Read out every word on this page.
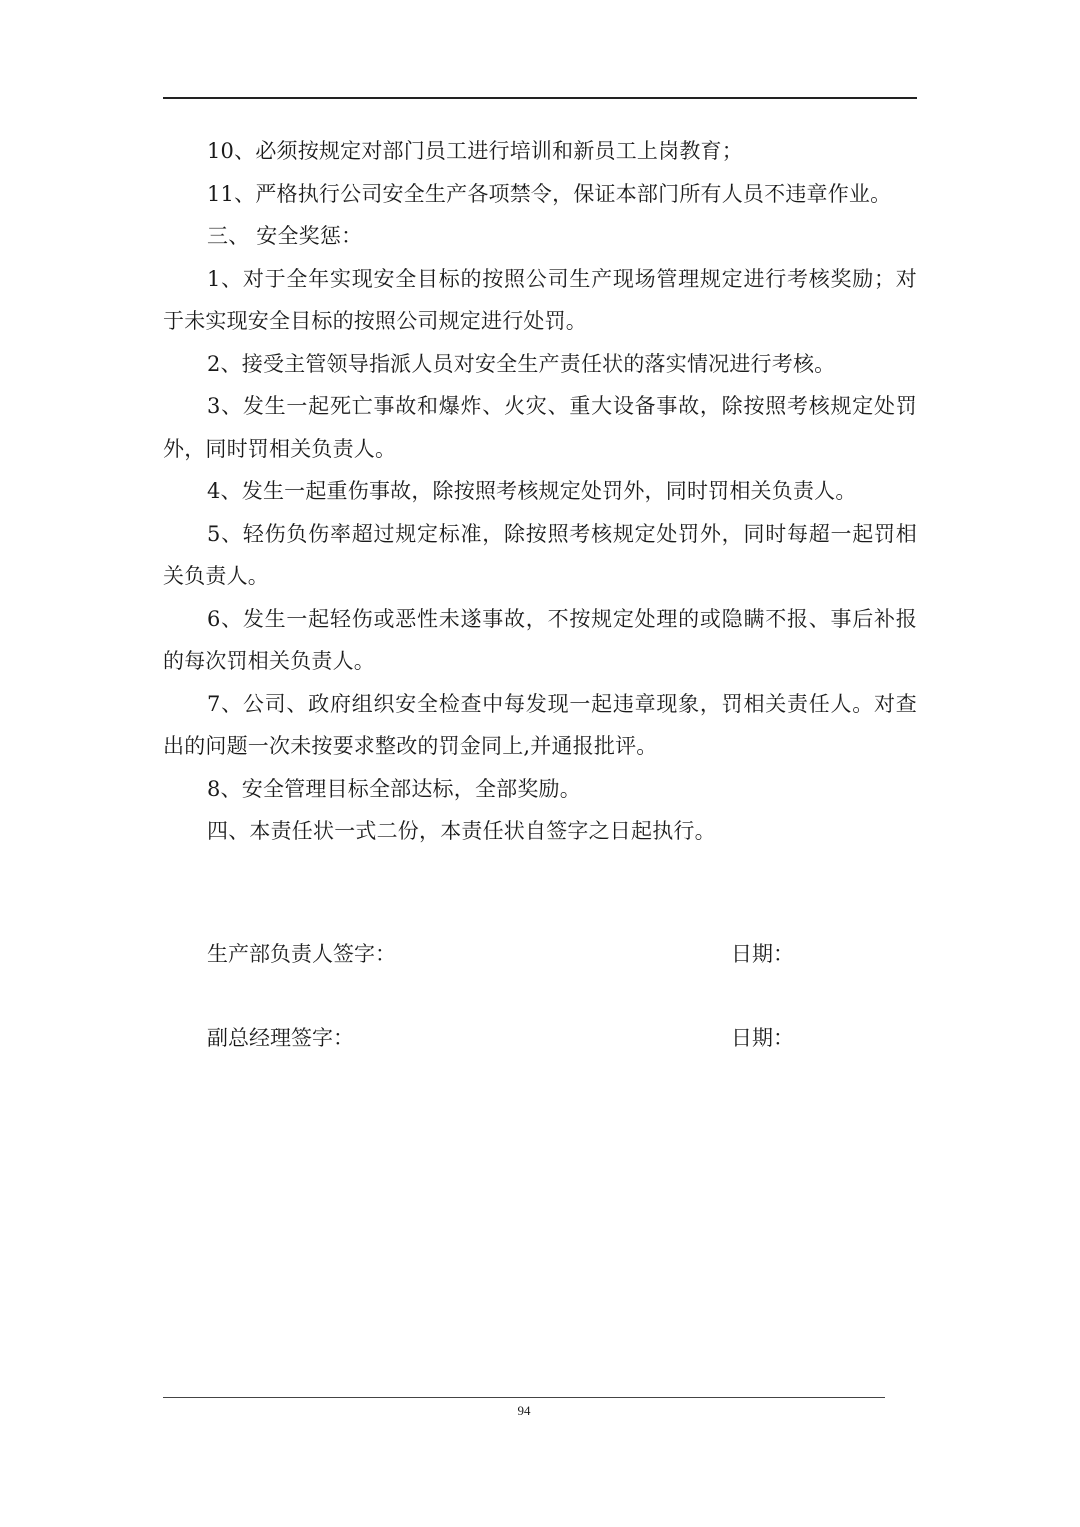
10、必须按规定对部门员工进行培训和新员工上岗教育；

11、严格执行公司安全生产各项禁令，保证本部门所有人员不违章作业。

三、 安全奖惩：

1、对于全年实现安全目标的按照公司生产现场管理规定进行考核奖励；对于未实现安全目标的按照公司规定进行处罚。

2、接受主管领导指派人员对安全生产责任状的落实情况进行考核。

3、发生一起死亡事故和爆炸、火灾、重大设备事故，除按照考核规定处罚外，同时罚相关负责人。

4、发生一起重伤事故，除按照考核规定处罚外，同时罚相关负责人。

5、轻伤负伤率超过规定标准，除按照考核规定处罚外，同时每超一起罚相关负责人。

6、发生一起轻伤或恶性未遂事故，不按规定处理的或隐瞒不报、事后补报的每次罚相关负责人。

7、公司、政府组织安全检查中每发现一起违章现象，罚相关责任人。对查出的问题一次未按要求整改的罚金同上,并通报批评。

8、安全管理目标全部达标，全部奖励。

四、本责任状一式二份，本责任状自签字之日起执行。

生产部负责人签字：	日期：
副总经理签字：	日期：
94
